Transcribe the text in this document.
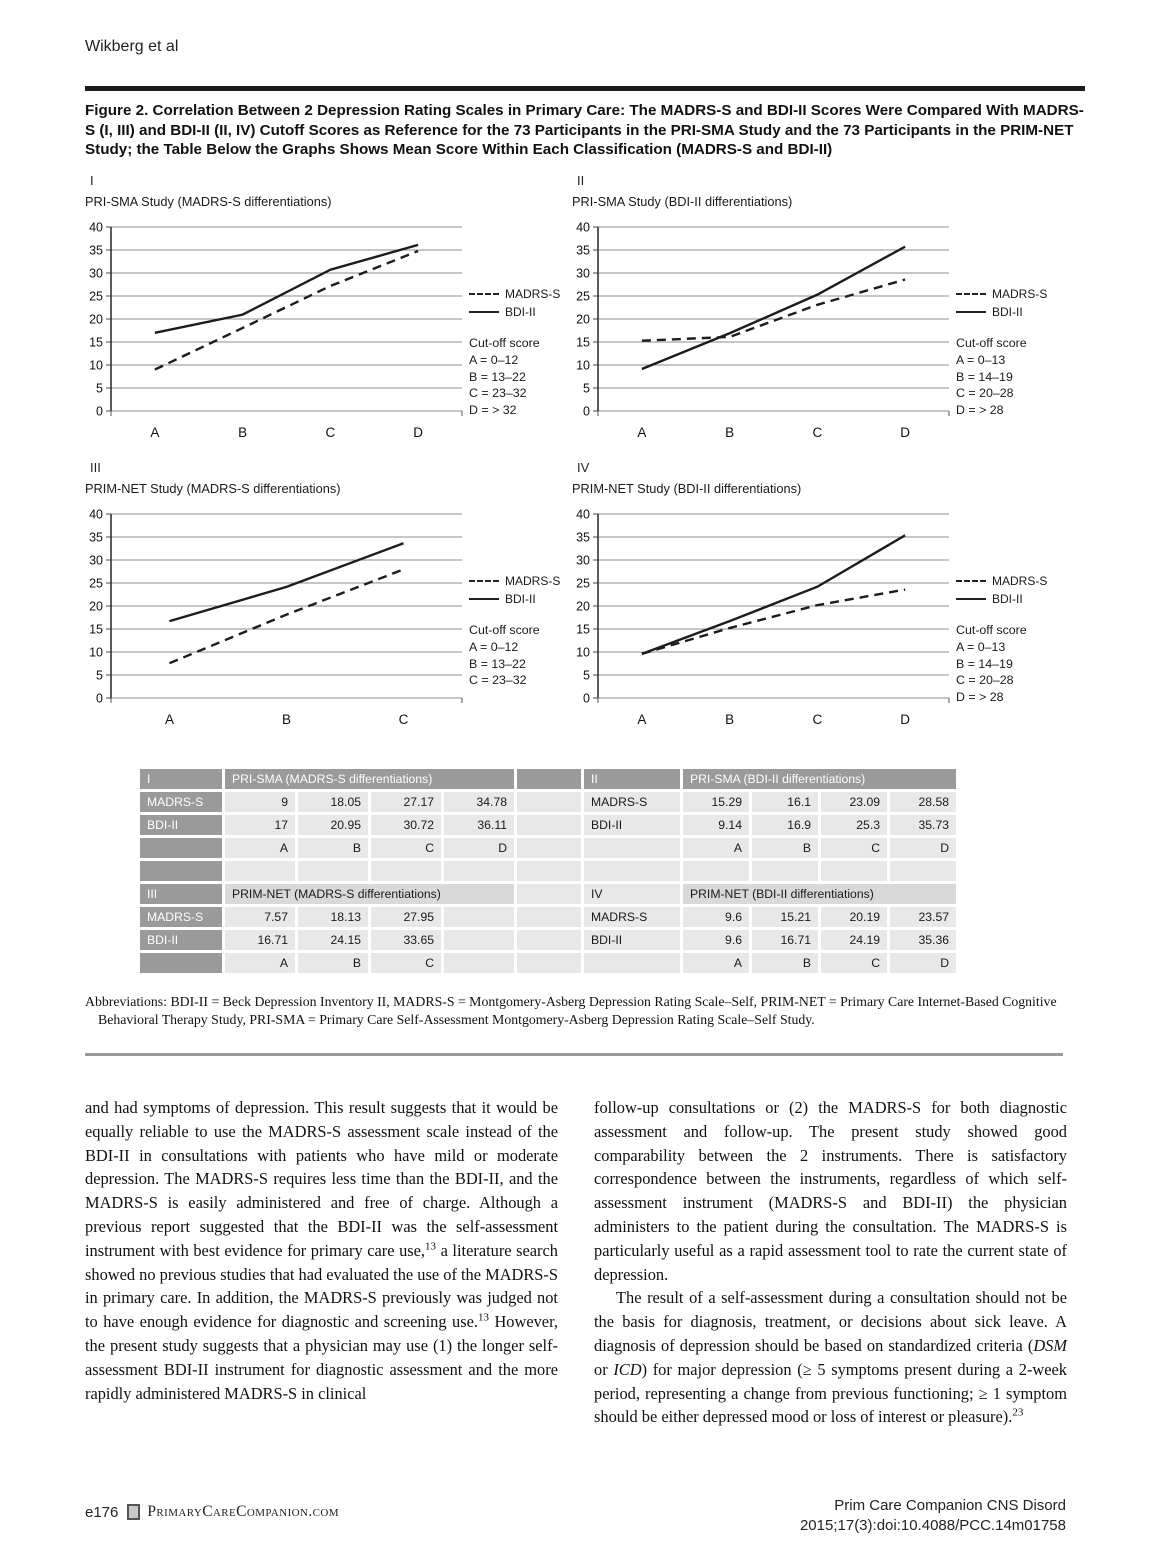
Wikberg et al
Figure 2. Correlation Between 2 Depression Rating Scales in Primary Care: The MADRS-S and BDI-II Scores Were Compared With MADRS-S (I, III) and BDI-II (II, IV) Cutoff Scores as Reference for the 73 Participants in the PRI-SMA Study and the 73 Participants in the PRIM-NET Study; the Table Below the Graphs Shows Mean Score Within Each Classification (MADRS-S and BDI-II)
I
PRI-SMA Study (MADRS-S differentiations)
0
5
10
15
20
25
30
35
40
A	B	C	D
MADRS-S
BDI-II
Cut-off score
A = 0–12
B = 13–22
C = 23–32
D = > 32
II
PRI-SMA Study (BDI-II differentiations)
0
5
10
15
20
25
30
35
40
A	B	C	D
MADRS-S
BDI-II
Cut-off score
A = 0–13
B = 14–19
C = 20–28
D = > 28
III
PRIM-NET Study (MADRS-S differentiations)
0
5
10
15
20
25
30
35
40
A	B	C
MADRS-S
BDI-II
Cut-off score
A = 0–12
B = 13–22
C = 23–32
IV
PRIM-NET Study (BDI-II differentiations)
0
5
10
15
20
25
30
35
40
A	B	C	D
MADRS-S
BDI-II
Cut-off score
A = 0–13
B = 14–19
C = 20–28
D = > 28
I	PRI-SMA (MADRS-S differentiations)					II	PRI-SMA (BDI-II differentiations)			
MADRS-S	9	18.05	27.17	34.78		MADRS-S	15.29	16.1	23.09	28.58
BDI-II	17	20.95	30.72	36.11		BDI-II	9.14	16.9	25.3	35.73
	A	B	C	D			A	B	C	D

III	PRIM-NET (MADRS-S differentiations)					IV	PRIM-NET (BDI-II differentiations)			
MADRS-S	7.57	18.13	27.95			MADRS-S	9.6	15.21	20.19	23.57
BDI-II	16.71	24.15	33.65			BDI-II	9.6	16.71	24.19	35.36
	A	B	C				A	B	C	D
Abbreviations: BDI-II = Beck Depression Inventory II, MADRS-S = Montgomery-Asberg Depression Rating Scale–Self, PRIM-NET = Primary Care Internet-Based Cognitive Behavioral Therapy Study, PRI-SMA = Primary Care Self-Assessment Montgomery-Asberg Depression Rating Scale–Self Study.

and had symptoms of depression. This result suggests that it would be equally reliable to use the MADRS-S assessment scale instead of the BDI-II in consultations with patients who have mild or moderate depression. The MADRS-S requires less time than the BDI-II, and the MADRS-S is easily administered and free of charge. Although a previous report suggested that the BDI-II was the self-assessment instrument with best evidence for primary care use,$^{13}$ a literature search showed no previous studies that had evaluated the use of the MADRS-S in primary care. In addition, the MADRS-S previously was judged not to have enough evidence for diagnostic and screening use.$^{13}$ However, the present study suggests that a physician may use (1) the longer self-assessment BDI-II instrument for diagnostic assessment and the more rapidly administered MADRS-S in clinical

follow-up consultations or (2) the MADRS-S for both diagnostic assessment and follow-up. The present study showed good comparability between the 2 instruments. There is satisfactory correspondence between the instruments, regardless of which self-assessment instrument (MADRS-S and BDI-II) the physician administers to the patient during the consultation. The MADRS-S is particularly useful as a rapid assessment tool to rate the current state of depression.

The result of a self-assessment during a consultation should not be the basis for diagnosis, treatment, or decisions about sick leave. A diagnosis of depression should be based on standardized criteria (DSM or ICD) for major depression (≥ 5 symptoms present during a 2-week period, representing a change from previous functioning; ≥ 1 symptom should be either depressed mood or loss of interest or pleasure).$^{23}$

e176 PrimaryCareCompanion.com	Prim Care Companion CNS Disord
2015;17(3):doi:10.4088/PCC.14m01758
